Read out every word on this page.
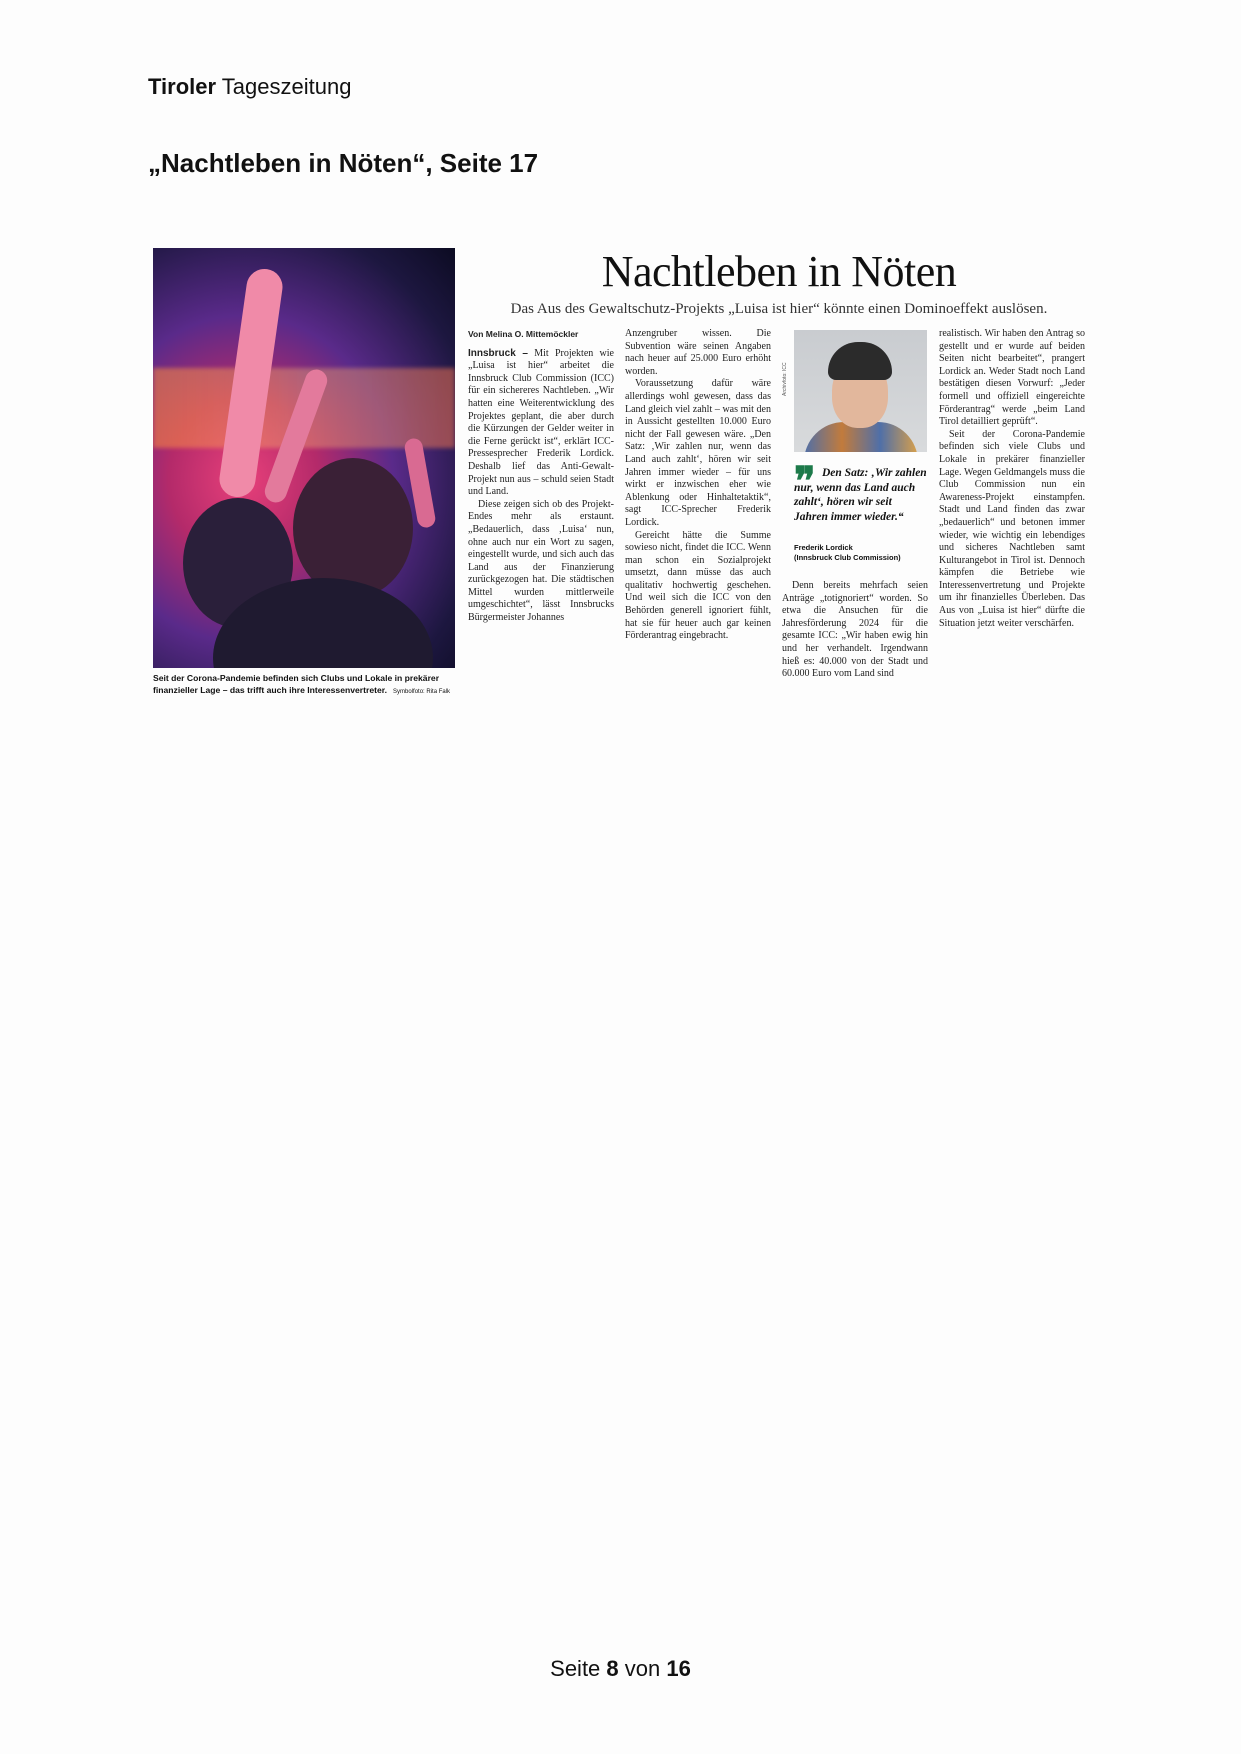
Tiroler Tageszeitung
„Nachtleben in Nöten“, Seite 17
Seit der Corona-Pandemie befinden sich Clubs und Lokale in prekärer finanzieller Lage – das trifft auch ihre Interessenvertreter. Symbolfoto: Rita Falk
Nachtleben in Nöten
Das Aus des Gewaltschutz-Projekts „Luisa ist hier“ könnte einen Dominoeffekt auslösen.
Von Melina O. Mittemöckler

Innsbruck – Mit Projekten wie „Luisa ist hier“ arbeitet die Innsbruck Club Commission (ICC) für ein sichereres Nachtleben. „Wir hatten eine Weiterentwicklung des Projektes geplant, die aber durch die Kürzungen der Gelder weiter in die Ferne gerückt ist“, erklärt ICC-Pressesprecher Frederik Lordick. Deshalb lief das Anti-Gewalt-Projekt nun aus – schuld seien Stadt und Land.

Diese zeigen sich ob des Projekt-Endes mehr als erstaunt. „Bedauerlich, dass ‚Luisa‘ nun, ohne auch nur ein Wort zu sagen, eingestellt wurde, und sich auch das Land aus der Finanzierung zurückgezogen hat. Die städtischen Mittel wurden mittlerweile umgeschichtet“, lässt Innsbrucks Bürgermeister Johannes

Anzengruber wissen. Die Subvention wäre seinen Angaben nach heuer auf 25.000 Euro erhöht worden.

Voraussetzung dafür wäre allerdings wohl gewesen, dass das Land gleich viel zahlt – was mit den in Aussicht gestellten 10.000 Euro nicht der Fall gewesen wäre. „Den Satz: ‚Wir zahlen nur, wenn das Land auch zahlt‘, hören wir seit Jahren immer wieder – für uns wirkt er inzwischen eher wie Ablenkung oder Hinhaltetaktik“, sagt ICC-Sprecher Frederik Lordick.

Gereicht hätte die Summe sowieso nicht, findet die ICC. Wenn man schon ein Sozialprojekt umsetzt, dann müsse das auch qualitativ hochwertig geschehen. Und weil sich die ICC von den Behörden generell ignoriert fühlt, hat sie für heuer auch gar keinen Förderantrag eingebracht.

Archivfoto: ICC
❞ Den Satz: ‚Wir zahlen nur, wenn das Land auch zahlt‘, hören wir seit Jahren immer wieder.“
Frederik Lordick
(Innsbruck Club Commission)

Denn bereits mehrfach seien Anträge „totignoriert“ worden. So etwa die Ansuchen für die Jahresförderung 2024 für die gesamte ICC: „Wir haben ewig hin und her verhandelt. Irgendwann hieß es: 40.000 von der Stadt und 60.000 Euro vom Land sind

realistisch. Wir haben den Antrag so gestellt und er wurde auf beiden Seiten nicht bearbeitet“, prangert Lordick an. Weder Stadt noch Land bestätigen diesen Vorwurf: „Jeder formell und offiziell eingereichte Förderantrag“ werde „beim Land Tirol detailliert geprüft“.

Seit der Corona-Pandemie befinden sich viele Clubs und Lokale in prekärer finanzieller Lage. Wegen Geldmangels muss die Club Commission nun ein Awareness-Projekt einstampfen. Stadt und Land finden das zwar „bedauerlich“ und betonen immer wieder, wie wichtig ein lebendiges und sicheres Nachtleben samt Kulturangebot in Tirol ist. Dennoch kämpfen die Betriebe wie Interessenvertretung und Projekte um ihr finanzielles Überleben. Das Aus von „Luisa ist hier“ dürfte die Situation jetzt weiter verschärfen.

Seite 8 von 16
